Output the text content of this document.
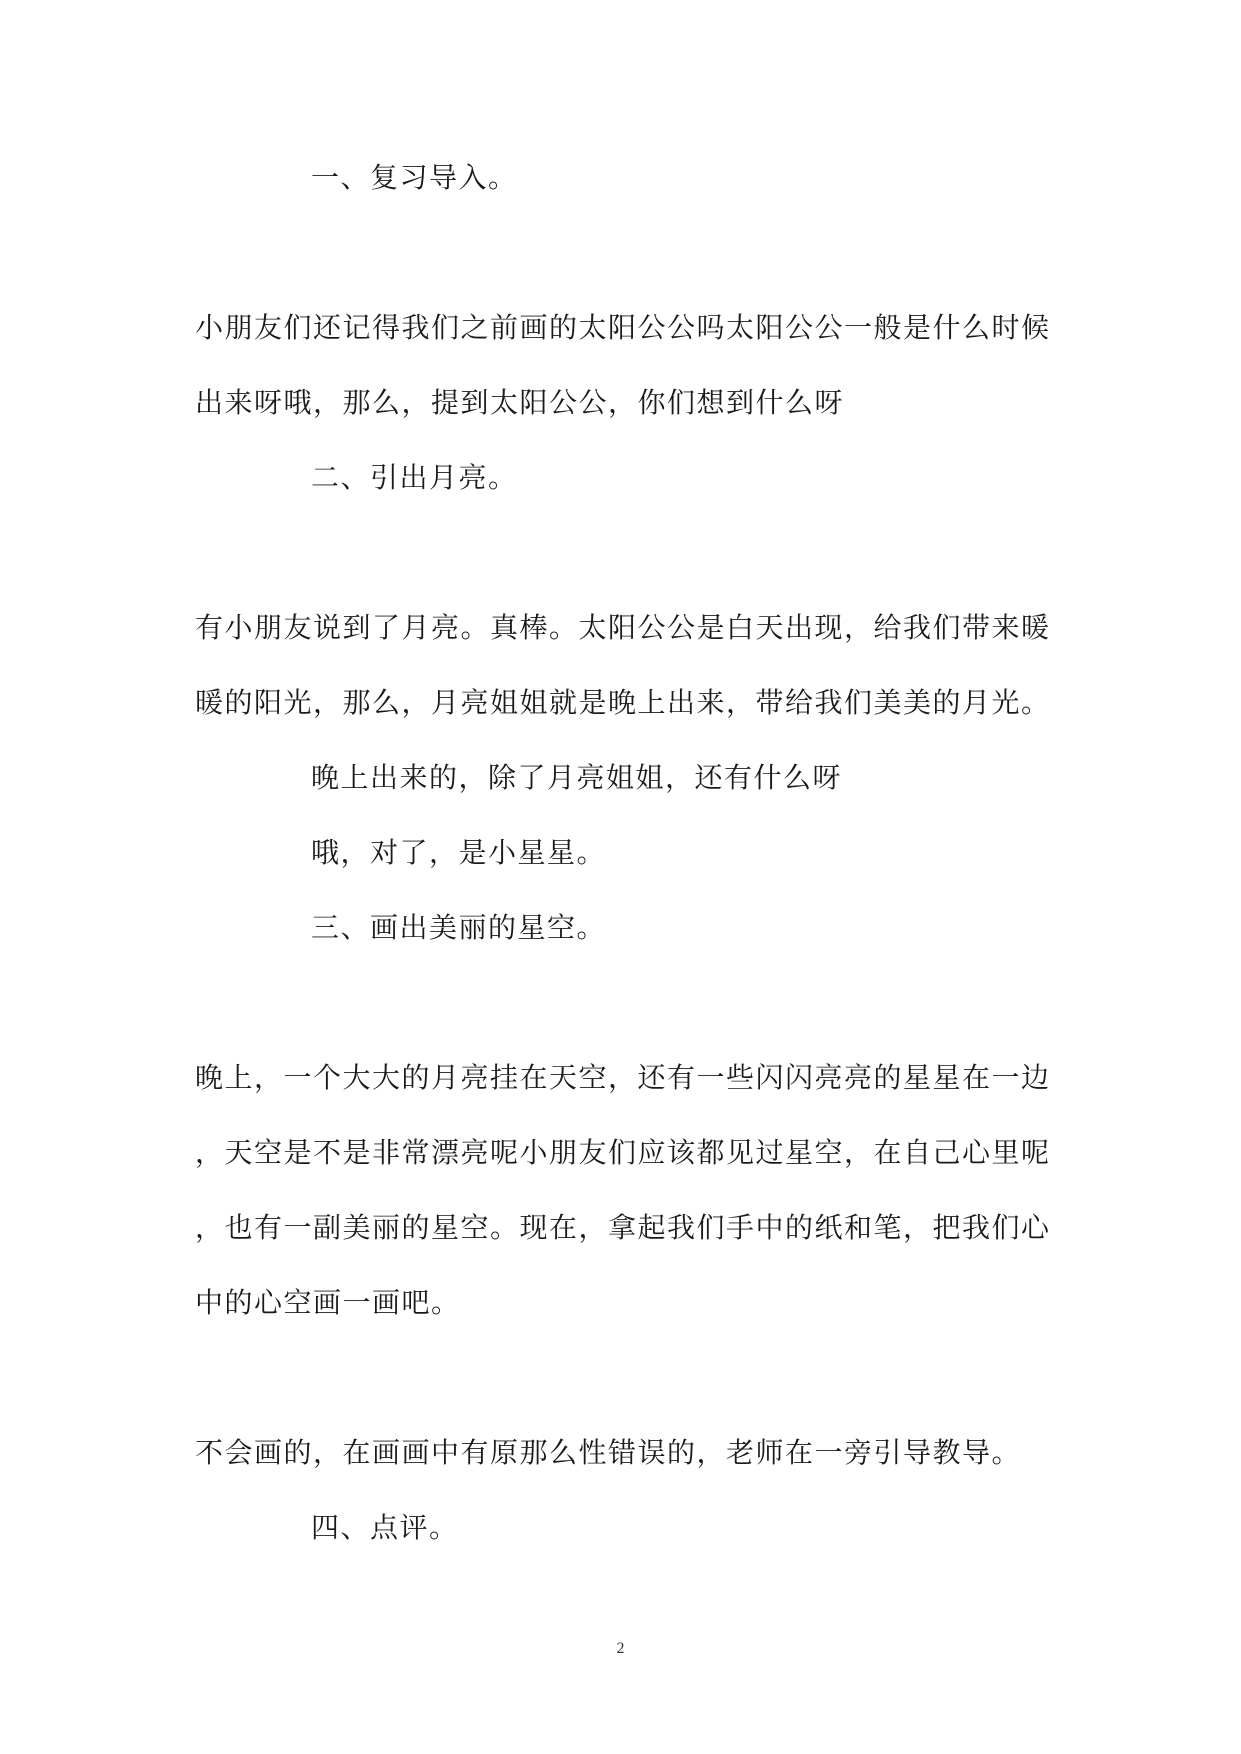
一、复习导入。

小朋友们还记得我们之前画的太阳公公吗太阳公公一般是什么时候

出来呀哦，那么，提到太阳公公，你们想到什么呀

二、引出月亮。

有小朋友说到了月亮。真棒。太阳公公是白天出现，给我们带来暖

暖的阳光，那么，月亮姐姐就是晚上出来，带给我们美美的月光。

晚上出来的，除了月亮姐姐，还有什么呀

哦，对了，是小星星。

三、画出美丽的星空。

晚上，一个大大的月亮挂在天空，还有一些闪闪亮亮的星星在一边

，天空是不是非常漂亮呢小朋友们应该都见过星空，在自己心里呢

，也有一副美丽的星空。现在，拿起我们手中的纸和笔，把我们心

中的心空画一画吧。

不会画的，在画画中有原那么性错误的，老师在一旁引导教导。

四、点评。

2
